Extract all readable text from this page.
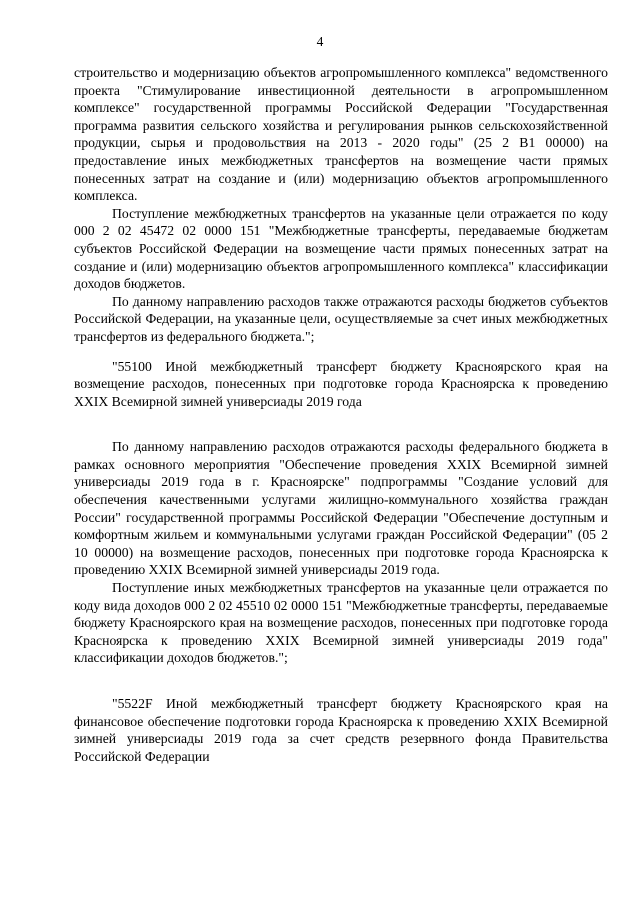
4

строительство и модернизацию объектов агропромышленного комплекса" ведомственного проекта "Стимулирование инвестиционной деятельности в агропромышленном комплексе" государственной программы Российской Федерации "Государственная программа развития сельского хозяйства и регулирования рынков сельскохозяйственной продукции, сырья и продовольствия на 2013 - 2020 годы" (25 2 В1 00000) на предоставление иных межбюджетных трансфертов на возмещение части прямых понесенных затрат на создание и (или) модернизацию объектов агропромышленного комплекса.

Поступление межбюджетных трансфертов на указанные цели отражается по коду 000 2 02 45472 02 0000 151 "Межбюджетные трансферты, передаваемые бюджетам субъектов Российской Федерации на возмещение части прямых понесенных затрат на создание и (или) модернизацию объектов агропромышленного комплекса" классификации доходов бюджетов.

По данному направлению расходов также отражаются расходы бюджетов субъектов Российской Федерации, на указанные цели, осуществляемые за счет иных межбюджетных трансфертов из федерального бюджета.";

"55100 Иной межбюджетный трансферт бюджету Красноярского края на возмещение расходов, понесенных при подготовке города Красноярска к проведению XXIX Всемирной зимней универсиады 2019 года

По данному направлению расходов отражаются расходы федерального бюджета в рамках основного мероприятия "Обеспечение проведения XXIX Всемирной зимней универсиады 2019 года в г. Красноярске" подпрограммы "Создание условий для обеспечения качественными услугами жилищно-коммунального хозяйства граждан России" государственной программы Российской Федерации "Обеспечение доступным и комфортным жильем и коммунальными услугами граждан Российской Федерации" (05 2 10 00000) на возмещение расходов, понесенных при подготовке города Красноярска к проведению XXIX Всемирной зимней универсиады 2019 года.

Поступление иных межбюджетных трансфертов на указанные цели отражается по коду вида доходов 000 2 02 45510 02 0000 151 "Межбюджетные трансферты, передаваемые бюджету Красноярского края на возмещение расходов, понесенных при подготовке города Красноярска к проведению XXIX Всемирной зимней универсиады 2019 года" классификации доходов бюджетов.";

"5522F Иной межбюджетный трансферт бюджету Красноярского края на финансовое обеспечение подготовки города Красноярска к проведению XXIX Всемирной зимней универсиады 2019 года за счет средств резервного фонда Правительства Российской Федерации
